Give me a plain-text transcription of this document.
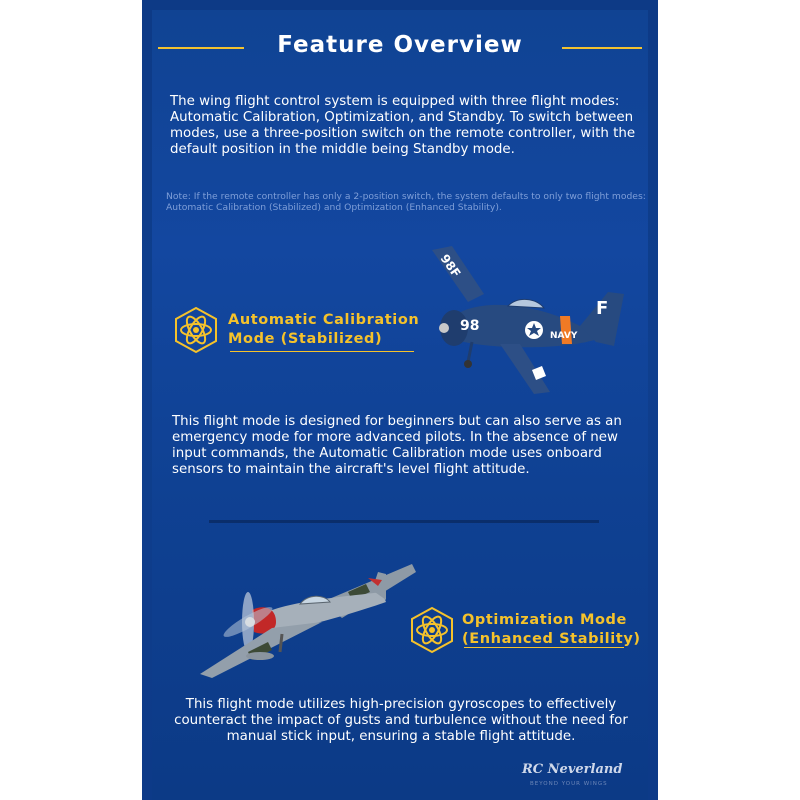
Feature Overview
The wing flight control system is equipped with three flight modes: Automatic Calibration, Optimization, and Standby. To switch between modes, use a three-position switch on the remote controller, with the default position in the middle being Standby mode.
Note: If the remote controller has only a 2-position switch, the system defaults to only two flight modes: Automatic Calibration (Stabilized) and Optimization (Enhanced Stability).
Automatic Calibration
Mode (Stabilized)
98F
98
NAVY
F
This flight mode is designed for beginners but can also serve as an emergency mode for more advanced pilots. In the absence of new input commands, the Automatic Calibration mode uses onboard sensors to maintain the aircraft's level flight attitude.
Optimization Mode
(Enhanced Stability)
This flight mode utilizes high-precision gyroscopes to effectively counteract the impact of gusts and turbulence without the need for manual stick input, ensuring a stable flight attitude.
RC Neverland
BEYOND YOUR WINGS
